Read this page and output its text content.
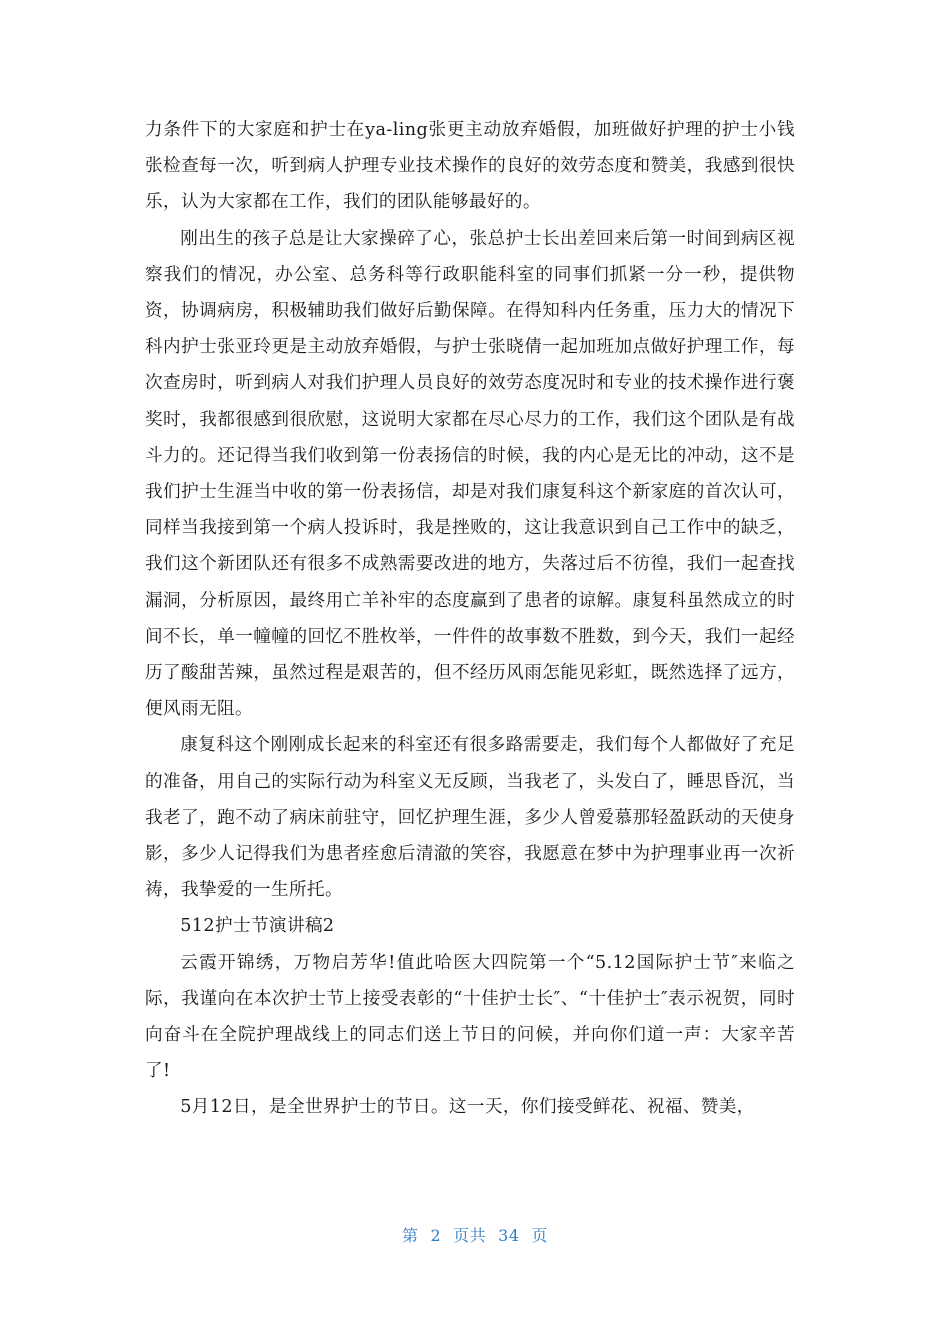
力条件下的大家庭和护士在ya-ling张更主动放弃婚假，加班做好护理的护士小钱张检查每一次，听到病人护理专业技术操作的良好的效劳态度和赞美，我感到很快乐，认为大家都在工作，我们的团队能够最好的。

刚出生的孩子总是让大家操碎了心，张总护士长出差回来后第一时间到病区视察我们的情况，办公室、总务科等行政职能科室的同事们抓紧一分一秒，提供物资，协调病房，积极辅助我们做好后勤保障。在得知科内任务重，压力大的情况下科内护士张亚玲更是主动放弃婚假，与护士张晓倩一起加班加点做好护理工作，每次查房时，听到病人对我们护理人员良好的效劳态度况时和专业的技术操作进行褒奖时，我都很感到很欣慰，这说明大家都在尽心尽力的工作，我们这个团队是有战斗力的。还记得当我们收到第一份表扬信的时候，我的内心是无比的冲动，这不是我们护士生涯当中收的第一份表扬信，却是对我们康复科这个新家庭的首次认可，同样当我接到第一个病人投诉时，我是挫败的，这让我意识到自己工作中的缺乏，我们这个新团队还有很多不成熟需要改进的地方，失落过后不彷徨，我们一起查找漏洞，分析原因，最终用亡羊补牢的态度赢到了患者的谅解。康复科虽然成立的时间不长，单一幢幢的回忆不胜枚举，一件件的故事数不胜数，到今天，我们一起经历了酸甜苦辣，虽然过程是艰苦的，但不经历风雨怎能见彩虹，既然选择了远方，便风雨无阻。

康复科这个刚刚成长起来的科室还有很多路需要走，我们每个人都做好了充足的准备，用自己的实际行动为科室义无反顾，当我老了，头发白了，睡思昏沉，当我老了，跑不动了病床前驻守，回忆护理生涯，多少人曾爱慕那轻盈跃动的天使身影，多少人记得我们为患者痊愈后清澈的笑容，我愿意在梦中为护理事业再一次祈祷，我挚爱的一生所托。

512护士节演讲稿2

云霞开锦绣，万物启芳华!值此哈医大四院第一个“5.12国际护士节″来临之际，我谨向在本次护士节上接受表彰的“十佳护士长″、“十佳护士″表示祝贺，同时向奋斗在全院护理战线上的同志们送上节日的问候，并向你们道一声：大家辛苦了!

5月12日，是全世界护士的节日。这一天，你们接受鲜花、祝福、赞美，

第 2 页共 34 页
